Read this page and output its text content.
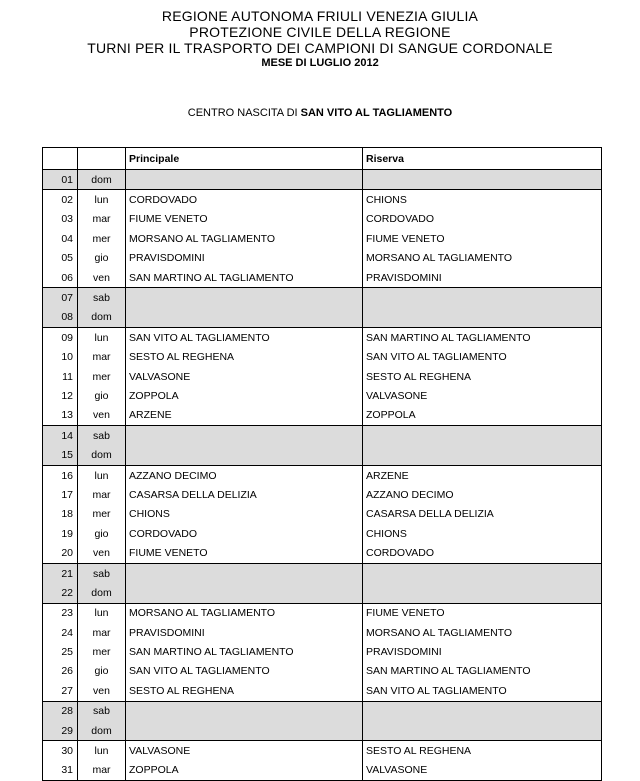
REGIONE AUTONOMA FRIULI VENEZIA GIULIA
PROTEZIONE CIVILE DELLA REGIONE
TURNI PER IL TRASPORTO DEI CAMPIONI DI SANGUE CORDONALE
MESE DI LUGLIO 2012
CENTRO NASCITA DI SAN VITO AL TAGLIAMENTO
		Principale	Riserva
01	dom		
02	lun	CORDOVADO	CHIONS
03	mar	FIUME VENETO	CORDOVADO
04	mer	MORSANO AL TAGLIAMENTO	FIUME VENETO
05	gio	PRAVISDOMINI	MORSANO AL TAGLIAMENTO
06	ven	SAN MARTINO AL TAGLIAMENTO	PRAVISDOMINI
07	sab		
08	dom		
09	lun	SAN VITO AL TAGLIAMENTO	SAN MARTINO AL TAGLIAMENTO
10	mar	SESTO AL REGHENA	SAN VITO AL TAGLIAMENTO
11	mer	VALVASONE	SESTO AL REGHENA
12	gio	ZOPPOLA	VALVASONE
13	ven	ARZENE	ZOPPOLA
14	sab		
15	dom		
16	lun	AZZANO DECIMO	ARZENE
17	mar	CASARSA DELLA DELIZIA	AZZANO DECIMO
18	mer	CHIONS	CASARSA DELLA DELIZIA
19	gio	CORDOVADO	CHIONS
20	ven	FIUME VENETO	CORDOVADO
21	sab		
22	dom		
23	lun	MORSANO AL TAGLIAMENTO	FIUME VENETO
24	mar	PRAVISDOMINI	MORSANO AL TAGLIAMENTO
25	mer	SAN MARTINO AL TAGLIAMENTO	PRAVISDOMINI
26	gio	SAN VITO AL TAGLIAMENTO	SAN MARTINO AL TAGLIAMENTO
27	ven	SESTO AL REGHENA	SAN VITO AL TAGLIAMENTO
28	sab		
29	dom		
30	lun	VALVASONE	SESTO AL REGHENA
31	mar	ZOPPOLA	VALVASONE
